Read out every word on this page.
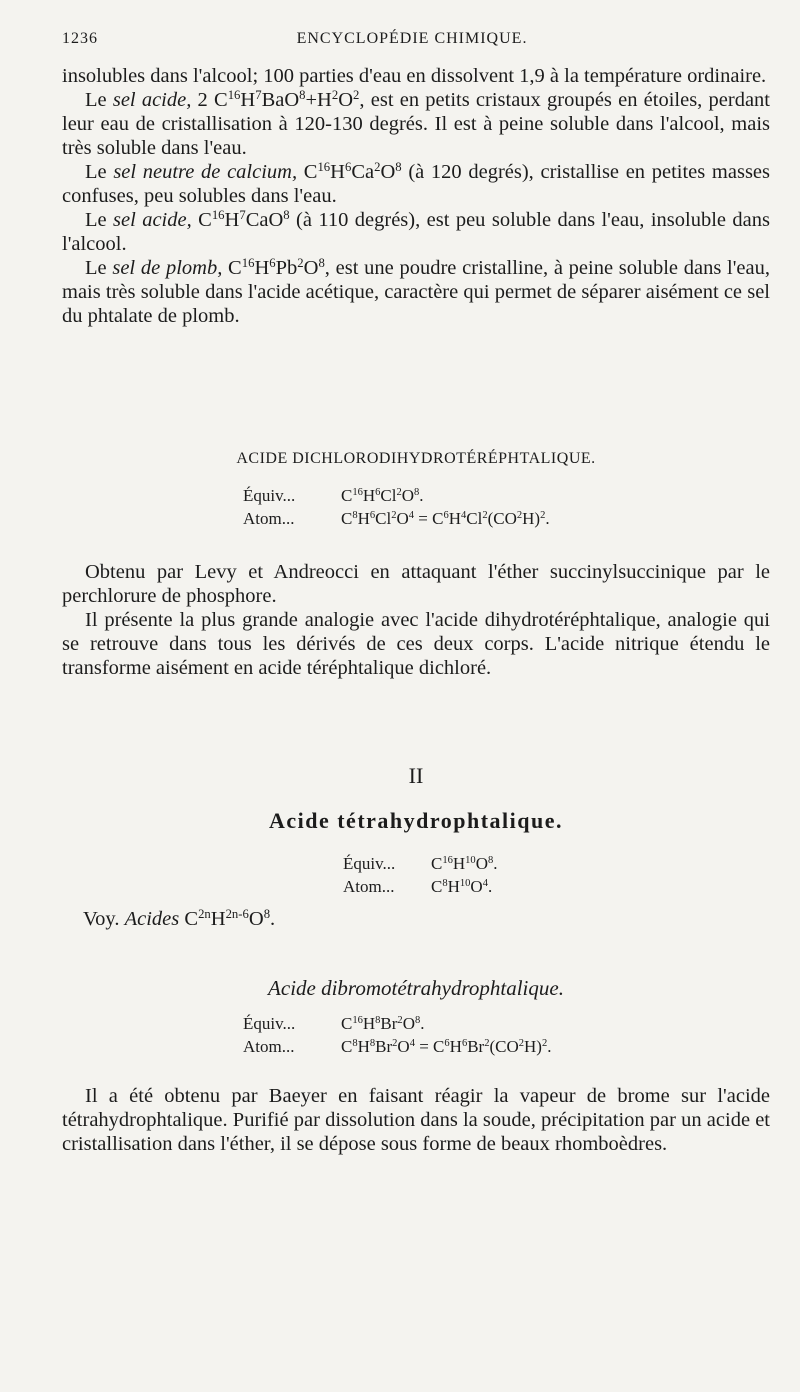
1236	ENCYCLOPÉDIE CHIMIQUE.

insolubles dans l'alcool; 100 parties d'eau en dissolvent 1,9 à la température ordinaire.

Le sel acide, 2 $C^{16}H^7BaO^8+H^2O^2$, est en petits cristaux groupés en étoiles, perdant leur eau de cristallisation à 120-130 degrés. Il est à peine soluble dans l'alcool, mais très soluble dans l'eau.

Le sel neutre de calcium, $C^{16}H^6Ca^2O^8$ (à 120 degrés), cristallise en petites masses confuses, peu solubles dans l'eau.

Le sel acide, $C^{16}H^7CaO^8$ (à 110 degrés), est peu soluble dans l'eau, insoluble dans l'alcool.

Le sel de plomb, $C^{16}H^6Pb^2O^8$, est une poudre cristalline, à peine soluble dans l'eau, mais très soluble dans l'acide acétique, caractère qui permet de séparer aisément ce sel du phtalate de plomb.

ACIDE DICHLORODIHYDROTÉRÉPHTALIQUE.
Équiv...	$C^{16}H^6Cl^2O^8$.
Atom...	$C^8H^6Cl^2O^4 = C^6H^4Cl^2(CO^2H)^2$.

Obtenu par Levy et Andreocci en attaquant l'éther succinylsuccinique par le perchlorure de phosphore.

Il présente la plus grande analogie avec l'acide dihydrotéréphtalique, analogie qui se retrouve dans tous les dérivés de ces deux corps. L'acide nitrique étendu le transforme aisément en acide téréphtalique dichloré.

II
Acide tétrahydrophtalique.
Équiv... $C^{16}H^{10}O^8$.
Atom... $C^8H^{10}O^4$.
Voy. Acides $C^{2n}H^{2n-6}O^8$.
Acide dibromotétrahydrophtalique.
Équiv...	$C^{16}H^8Br^2O^8$.
Atom...	$C^8H^8Br^2O^4 = C^6H^6Br^2(CO^2H)^2$.

Il a été obtenu par Baeyer en faisant réagir la vapeur de brome sur l'acide tétrahydrophtalique. Purifié par dissolution dans la soude, précipitation par un acide et cristallisation dans l'éther, il se dépose sous forme de beaux rhomboèdres.
